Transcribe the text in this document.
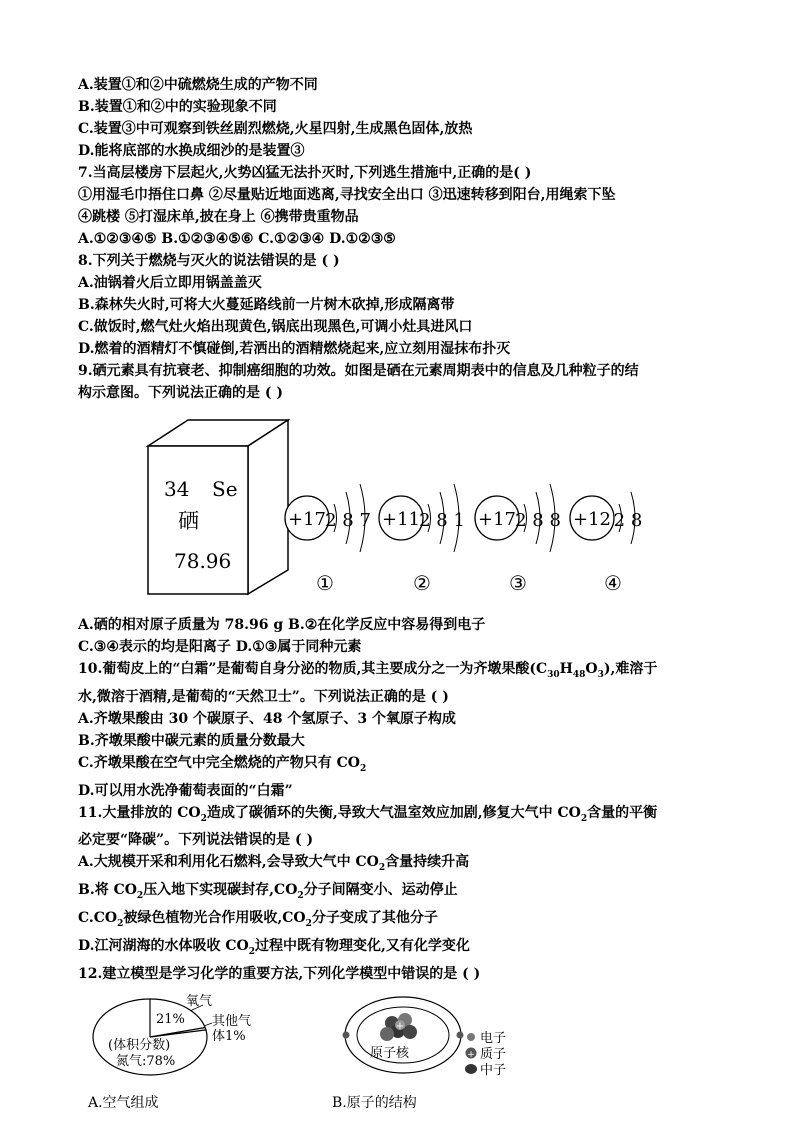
A.装置①和②中硫燃烧生成的产物不同
B.装置①和②中的实验现象不同
C.装置③中可观察到铁丝剧烈燃烧,火星四射,生成黑色固体,放热
D.能将底部的水换成细沙的是装置③
7.当高层楼房下层起火,火势凶猛无法扑灭时,下列逃生措施中,正确的是( )
①用湿毛巾捂住口鼻 ②尽量贴近地面逃离,寻找安全出口 ③迅速转移到阳台,用绳索下坠
④跳楼 ⑤打湿床单,披在身上 ⑥携带贵重物品
A.①②③④⑤ B.①②③④⑤⑥ C.①②③④ D.①②③⑤
8.下列关于燃烧与灭火的说法错误的是 ( )
A.油锅着火后立即用锅盖盖灭
B.森林失火时,可将大火蔓延路线前一片树木砍掉,形成隔离带
C.做饭时,燃气灶火焰出现黄色,锅底出现黑色,可调小灶具进风口
D.燃着的酒精灯不慎碰倒,若洒出的酒精燃烧起来,应立刻用湿抹布扑灭
9.硒元素具有抗衰老、抑制癌细胞的功效。如图是硒在元素周期表中的信息及几种粒子的结
构示意图。下列说法正确的是 ( )
34 Se
硒
78.96
+17 2 8 7
①
+11 2 8 1
②
+17 2 8 8
③
+12 2 8
④
A.硒的相对原子质量为 78.96 g B.②在化学反应中容易得到电子
C.③④表示的均是阳离子 D.①③属于同种元素
10.葡萄皮上的“白霜”是葡萄自身分泌的物质,其主要成分之一为齐墩果酸$(C_{30}H_{48}O_3)$,难溶于
水,微溶于酒精,是葡萄的“天然卫士”。下列说法正确的是 ( )
A.齐墩果酸由 30 个碳原子、48 个氢原子、3 个氧原子构成
B.齐墩果酸中碳元素的质量分数最大
C.齐墩果酸在空气中完全燃烧的产物只有 $CO_2$
D.可以用水洗净葡萄表面的“白霜”
11.大量排放的 $CO_2$造成了碳循环的失衡,导致大气温室效应加剧,修复大气中 $CO_2$含量的平衡
必定要“降碳”。下列说法错误的是 ( )
A.大规模开采和利用化石燃料,会导致大气中 $CO_2$含量持续升高
B.将 $CO_2$压入地下实现碳封存$,CO_2$分子间隔变小、运动停止
$C.CO_2$被绿色植物光合作用吸收$,CO_2$分子变成了其他分子
D.江河湖海的水体吸收 $CO_2$过程中既有物理变化,又有化学变化
12.建立模型是学习化学的重要方法,下列化学模型中错误的是 ( )
氧气
21% 其他气
体1%
(体积分数)
氮气:78%
A.空气组成
+
原子核
电子
+ 质子
中子
B.原子的结构
